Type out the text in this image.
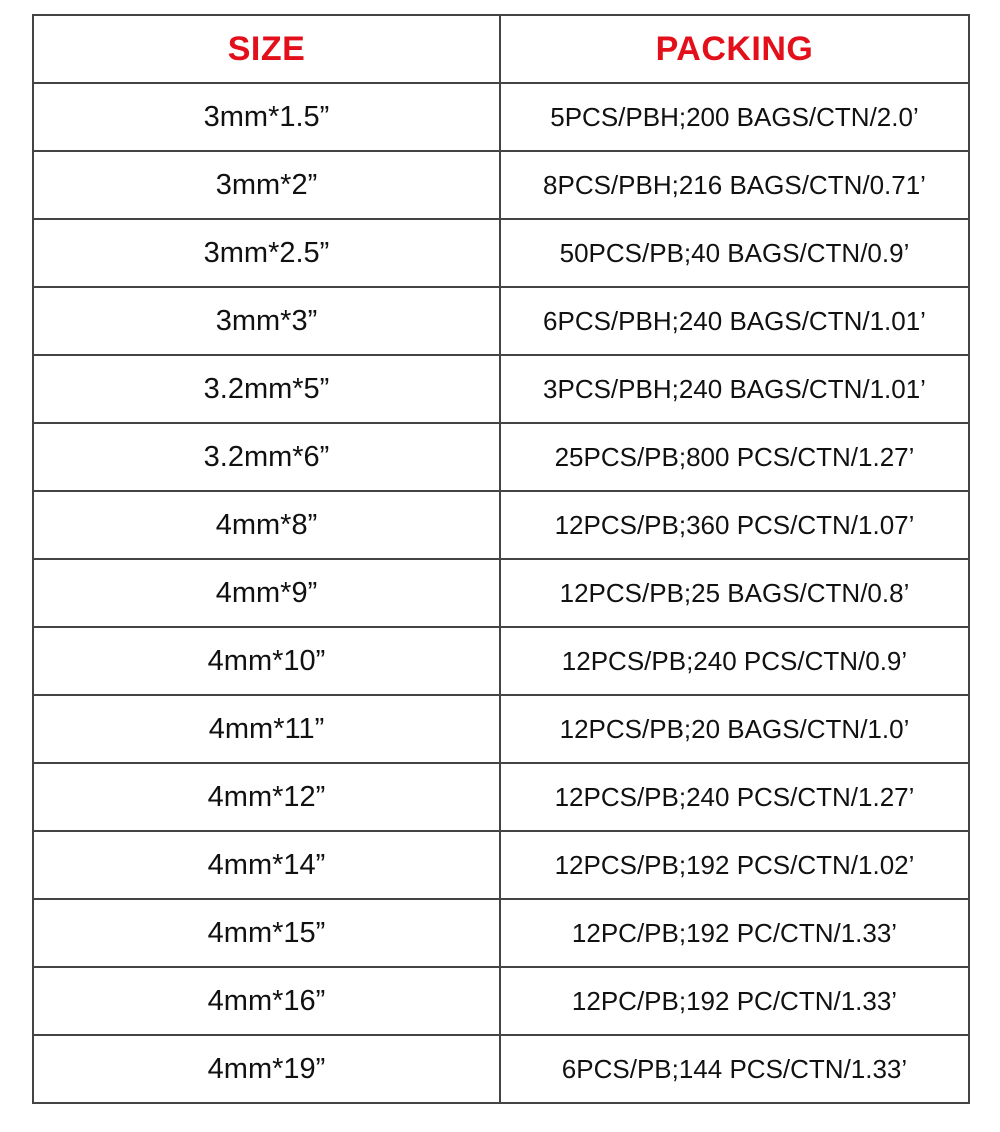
SIZE	PACKING
3mm*1.5”	5PCS/PBH;200 BAGS/CTN/2.0’
3mm*2”	8PCS/PBH;216 BAGS/CTN/0.71’
3mm*2.5”	50PCS/PB;40 BAGS/CTN/0.9’
3mm*3”	6PCS/PBH;240 BAGS/CTN/1.01’
3.2mm*5”	3PCS/PBH;240 BAGS/CTN/1.01’
3.2mm*6”	25PCS/PB;800 PCS/CTN/1.27’
4mm*8”	12PCS/PB;360 PCS/CTN/1.07’
4mm*9”	12PCS/PB;25 BAGS/CTN/0.8’
4mm*10”	12PCS/PB;240 PCS/CTN/0.9’
4mm*11”	12PCS/PB;20 BAGS/CTN/1.0’
4mm*12”	12PCS/PB;240 PCS/CTN/1.27’
4mm*14”	12PCS/PB;192 PCS/CTN/1.02’
4mm*15”	12PC/PB;192 PC/CTN/1.33’
4mm*16”	12PC/PB;192 PC/CTN/1.33’
4mm*19”	6PCS/PB;144 PCS/CTN/1.33’
